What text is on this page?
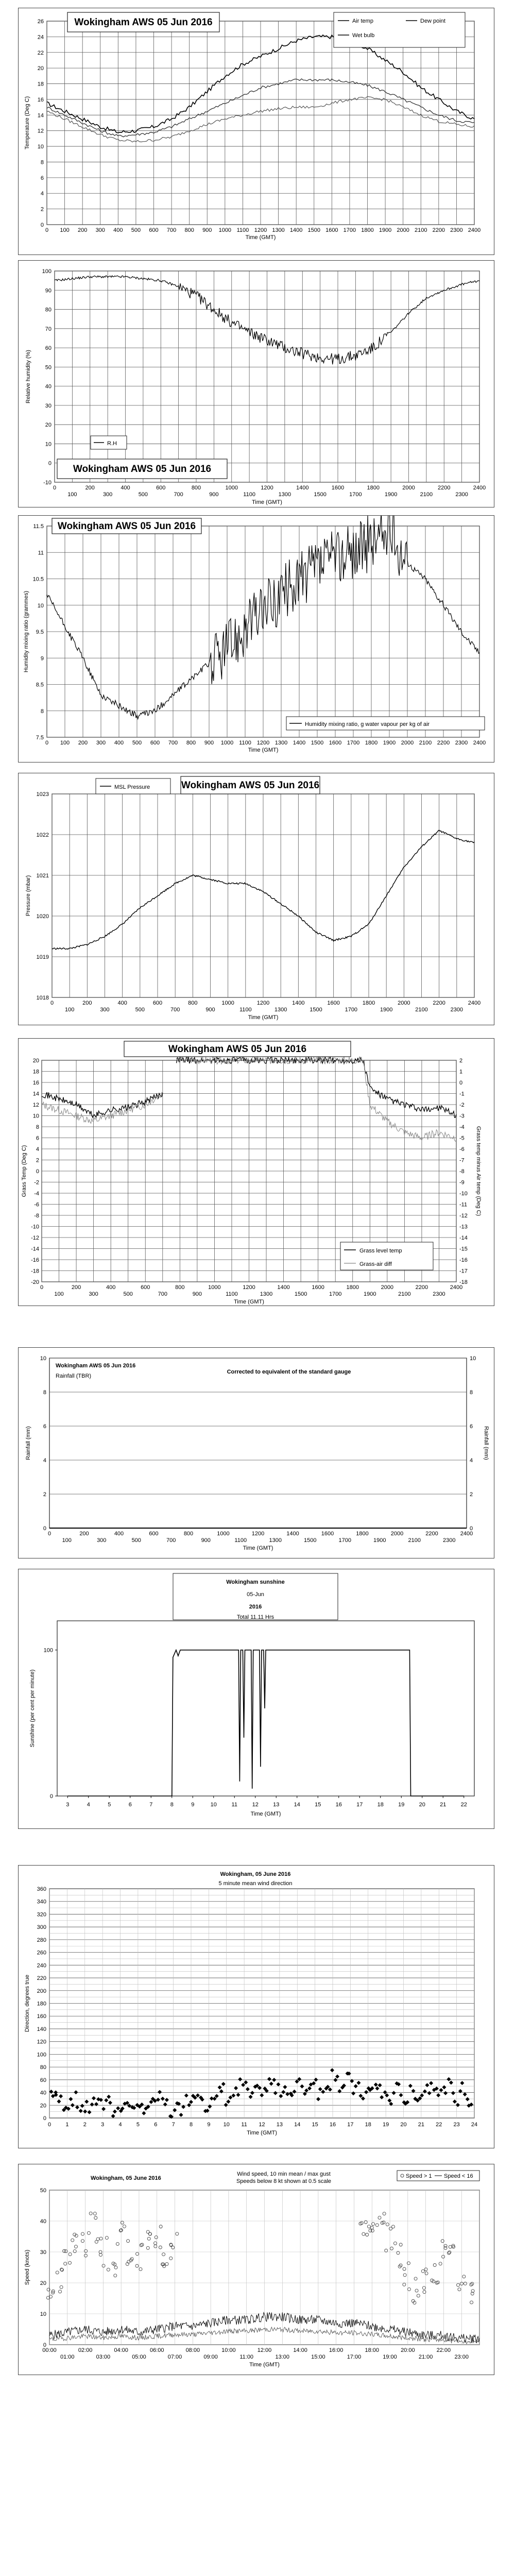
0
2
4
6
8
10
12
14
16
18
20
22
24
26
0 100 200 300 400 500 600 700 800 900 1000 1100 1200 1300 1400 1500 1600 1700 1800 1900 2000 2100 2200 2300 2400
Time (GMT)
Temperature (Deg C)
Wokingham AWS 05 Jun 2016	Air temp	Dew point
Wet bulb
-10
0
10
20
30
40
50
60
70
80
90
100
0	200	400	600	800	1000	1200	1400	1600	1800	2000	2200	2400
100	300	500	700	900	1100	1300	1500	1700	1900	2100	2300
Time (GMT)
Relative humidity (%)
R.H
Wokingham AWS 05 Jun 2016
7.5
8
8.5
9
9.5
10
10.5
11
11.5
0 100 200 300 400 500 600 700 800 900 1000 1100 1200 1300 1400 1500 1600 1700 1800 1900 2000 2100 2200 2300 2400
Time (GMT)
Humidity mixing ratio (grammes)
Wokingham AWS 05 Jun 2016
Humidity mixing ratio, g water vapour per kg of air
1018
1019
1020
1021
1022
1023
0	200	400	600	800	1000	1200	1400	1600	1800	2000	2200	2400
100	300	500	700	900	1100	1300	1500	1700	1900	2100	2300
Time (GMT)
Pressure (mbar)
MSL Pressure	Wokingham AWS 05 Jun 2016
20	2
18	1
16	0
14	-1
12	-2
10	-3
8	-4
6	-5
4	-6
2	-7
0	-8
-2	-9
-4	-10
-6	-11
-8	-12
-10	-13
-12	-14
-14	-15
-16	-16
-18	-17
-20	-18
0	200	400	600	800	1000	1200	1400	1600	1800	2000	2200	2400
100	300	500	700	900	1100	1300	1500	1700	1900	2100	2300
Time (GMT)
Grass Temp (Deg C)	Grass temp minus Air temp (Deg C)
Wokingham AWS 05 Jun 2016
Grass level temp
Grass-air diff
0	0
2	2
4	4
6	6
8	8
10	10
0	200	400	600	800	1000	1200	1400	1600	1800	2000	2200	2400
100	300	500	700	900	1100	1300	1500	1700	1900	2100	2300
Time (GMT)
Rainfall (mm)	Rainfall (mm)
Wokingham AWS 05 Jun 2016
Rainfall (TBR)
Corrected to equivalent of the standard gauge
0
100
3	4	5	6	7	8	9	10	11	12	13	14	15	16	17	18	19	20	21	22
Time (GMT)
Sunshine (per cent per minute)
Wokingham sunshine
05-Jun
2016
Total 11.11 Hrs
0
20
40
60
80
100
120
140
160
180
200
220
240
260
280
300
320
340
360
0	1	2	3	4	5	6	7	8	9 10 11 12 13 14 15 16 17 18 19 20 21 22 23 24
Time (GMT)
Direction, degrees true
Wokingham, 05 June 2016
5 minute mean wind direction
0
10
20
30
40
50
00:00	02:00	04:00	06:00	08:00	10:00	12:00	14:00	16:00	18:00	20:00	22:00
01:00	03:00	05:00	07:00	09:00	11:00	13:00	15:00	17:00	19:00	21:00	23:00
Time (GMT)
Speed (knots)
Wokingham, 05 June 2016
Wind speed, 10 min mean / max gust
Speeds below 8 kt shown at 0.5 scale
Speed > 1 Speed < 16
